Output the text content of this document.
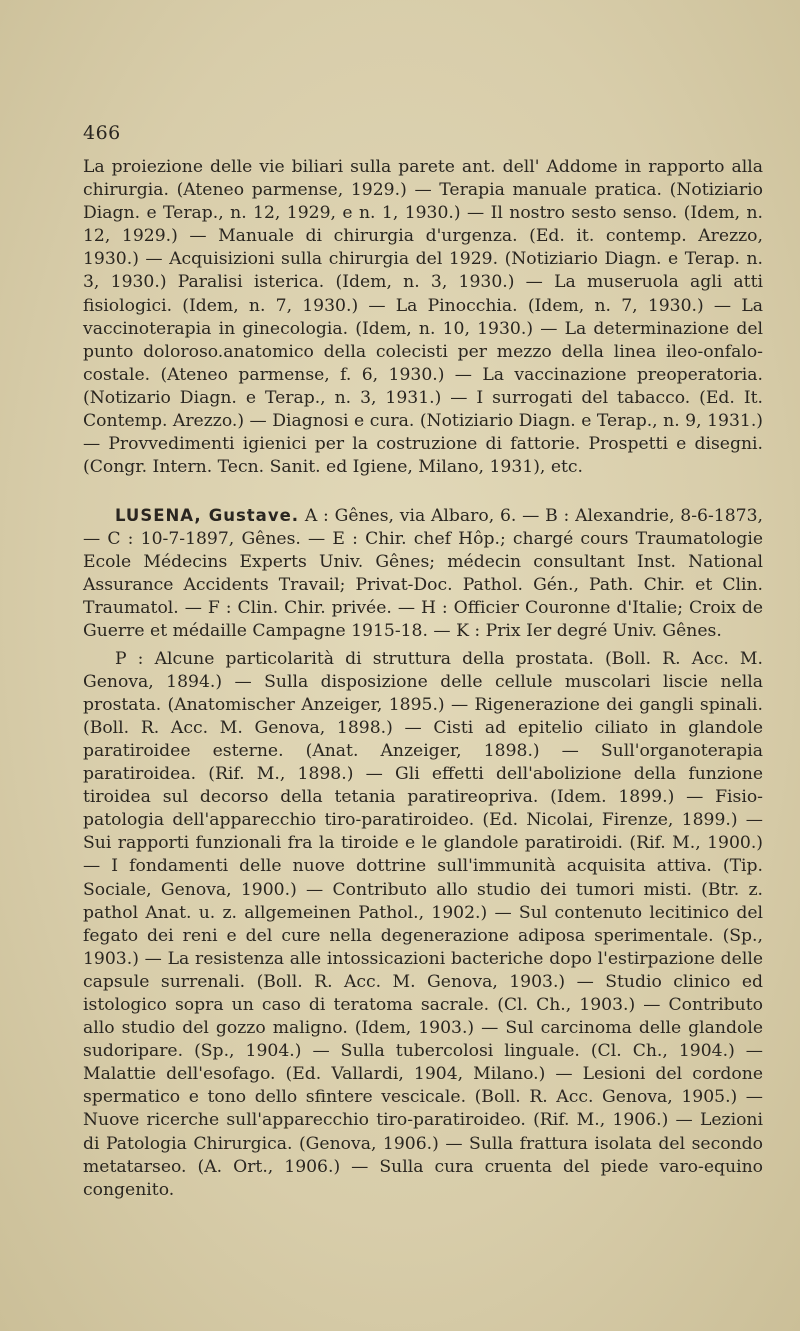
466

La proiezione delle vie biliari sulla parete ant. dell' Addome in rapporto alla chirurgia. (Ateneo parmense, 1929.) — Terapia manuale pratica. (Notiziario Diagn. e Terap., n. 12, 1929, e n. 1, 1930.) — Il nostro sesto senso. (Idem, n. 12, 1929.) — Manuale di chirurgia d'urgenza. (Ed. it. contemp. Arezzo, 1930.) — Acquisizioni sulla chirurgia del 1929. (Notiziario Diagn. e Terap. n. 3, 1930.) Paralisi isterica. (Idem, n. 3, 1930.) — La museruola agli atti fisiologici. (Idem, n. 7, 1930.) — La Pinocchia. (Idem, n. 7, 1930.) — La vaccinoterapia in ginecologia. (Idem, n. 10, 1930.) — La determinazione del punto doloroso.anatomico della colecisti per mezzo della linea ileo-onfalo-costale. (Ateneo parmense, f. 6, 1930.) — La vaccinazione preoperatoria. (Notizario Diagn. e Terap., n. 3, 1931.) — I surrogati del tabacco. (Ed. It. Contemp. Arezzo.) — Diagnosi e cura. (Notiziario Diagn. e Terap., n. 9, 1931.) — Provvedimenti igienici per la costruzione di fattorie. Prospetti e disegni. (Congr. Intern. Tecn. Sanit. ed Igiene, Milano, 1931), etc.

LUSENA, Gustave. A : Gênes, via Albaro, 6. — B : Alexandrie, 8-6-1873, — C : 10-7-1897, Gênes. — E : Chir. chef Hôp.; chargé cours Traumatologie Ecole Médecins Experts Univ. Gênes; médecin consultant Inst. National Assurance Accidents Travail; Privat-Doc. Pathol. Gén., Path. Chir. et Clin. Traumatol. — F : Clin. Chir. privée. — H : Officier Couronne d'Italie; Croix de Guerre et médaille Campagne 1915-18. — K : Prix Ier degré Univ. Gênes.

P : Alcune particolarità di struttura della prostata. (Boll. R. Acc. M. Genova, 1894.) — Sulla disposizione delle cellule muscolari liscie nella prostata. (Anatomischer Anzeiger, 1895.) — Rigenerazione dei gangli spinali. (Boll. R. Acc. M. Genova, 1898.) — Cisti ad epitelio ciliato in glandole paratiroidee esterne. (Anat. Anzeiger, 1898.) — Sull'organoterapia paratiroidea. (Rif. M., 1898.) — Gli effetti dell'abolizione della funzione tiroidea sul decorso della tetania paratireopriva. (Idem. 1899.) — Fisio-patologia dell'apparecchio tiro-paratiroideo. (Ed. Nicolai, Firenze, 1899.) — Sui rapporti funzionali fra la tiroide e le glandole paratiroidi. (Rif. M., 1900.) — I fondamenti delle nuove dottrine sull'immunità acquisita attiva. (Tip. Sociale, Genova, 1900.) — Contributo allo studio dei tumori misti. (Btr. z. pathol Anat. u. z. allgemeinen Pathol., 1902.) — Sul contenuto lecitinico del fegato dei reni e del cure nella degenerazione adiposa sperimentale. (Sp., 1903.) — La resistenza alle intossicazioni bacteriche dopo l'estirpazione delle capsule surrenali. (Boll. R. Acc. M. Genova, 1903.) — Studio clinico ed istologico sopra un caso di teratoma sacrale. (Cl. Ch., 1903.) — Contributo allo studio del gozzo maligno. (Idem, 1903.) — Sul carcinoma delle glandole sudoripare. (Sp., 1904.) — Sulla tubercolosi linguale. (Cl. Ch., 1904.) — Malattie dell'esofago. (Ed. Vallardi, 1904, Milano.) — Lesioni del cordone spermatico e tono dello sfintere vescicale. (Boll. R. Acc. Genova, 1905.) — Nuove ricerche sull'apparecchio tiro-paratiroideo. (Rif. M., 1906.) — Lezioni di Patologia Chirurgica. (Genova, 1906.) — Sulla frattura isolata del secondo metatarseo. (A. Ort., 1906.) — Sulla cura cruenta del piede varo-equino congenito.
